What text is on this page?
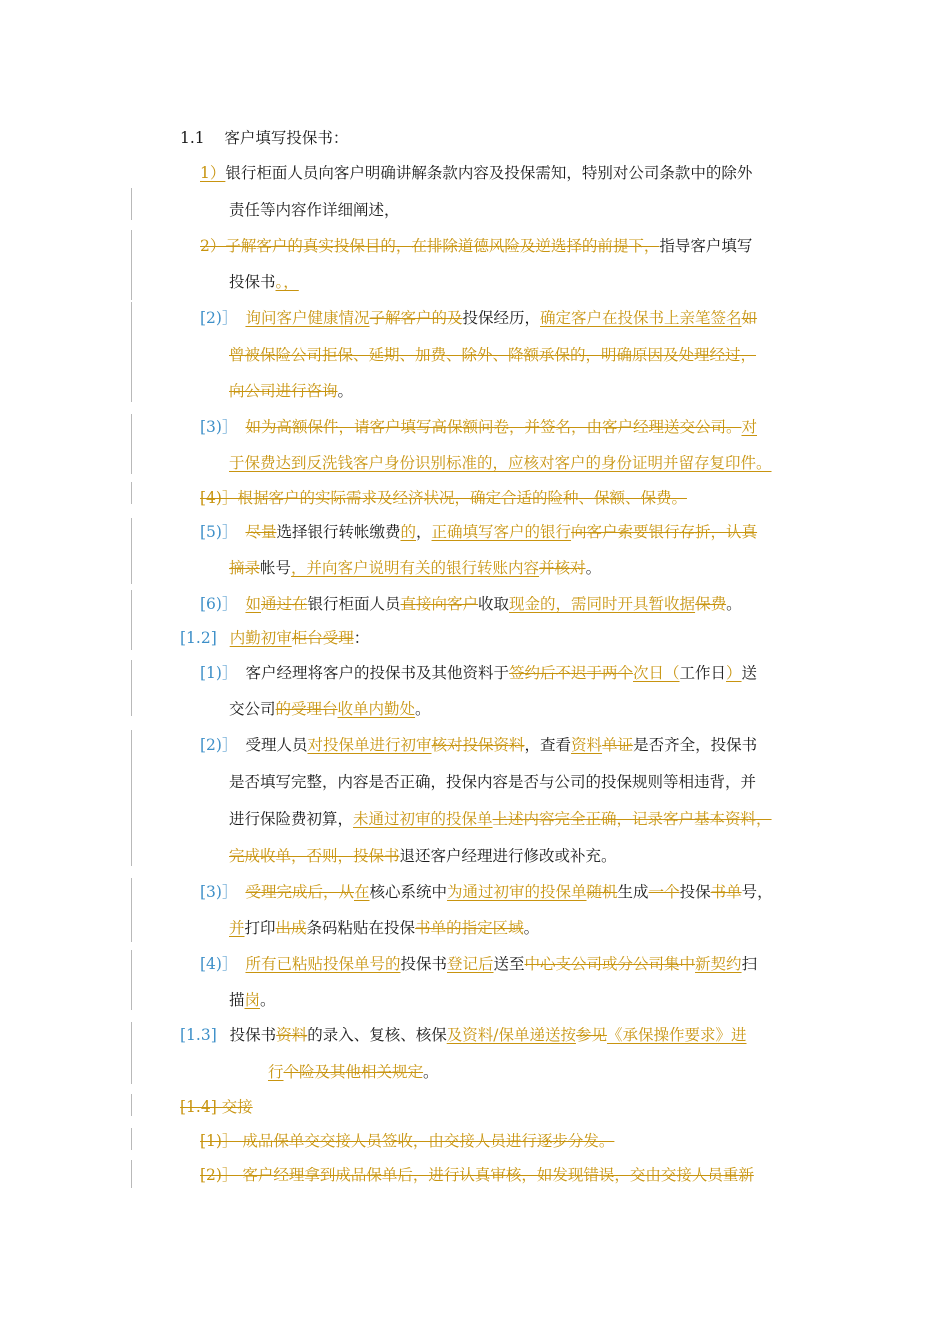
1.1 客户填写投保书：
1）银行柜面人员向客户明确讲解条款内容及投保需知，特别对公司条款中的除外
责任等内容作详细阐述，
2）子解客户的真实投保目的，在排除道德风险及逆选择的前提下，指导客户填写
投保书。，
[2)］ 询问客户健康情况子解客户的及投保经历，确定客户在投保书上亲笔签名如
曾被保险公司拒保、延期、加费、除外、降额承保的，明确原因及处理经过，
向公司进行咨询。
[3)］ 如为高额保件，请客户填写高保额问卷，并签名，由客户经理送交公司。对
于保费达到反洗钱客户身份识别标准的，应核对客户的身份证明并留存复印件。
[4)］根据客户的实际需求及经济状况，确定合适的险种、保额、保费。
[5)］ 尽量选择银行转帐缴费的，正确填写客户的银行向客户索要银行存折，认真
摘录帐号，并向客户说明有关的银行转账内容并核对。
[6)］ 如通过在银行柜面人员直接向客户收取现金的，需同时开具暂收据保费。
[1.2] 内勤初审柜台受理：
[1)］ 客户经理将客户的投保书及其他资料于签约后不迟于两个次日（工作日）送
交公司的受理台收单内勤处。
[2)］ 受理人员对投保单进行初审核对投保资料，查看资料单证是否齐全，投保书
是否填写完整，内容是否正确，投保内容是否与公司的投保规则等相违背，并
进行保险费初算，未通过初审的投保单上述内容完全正确，记录客户基本资料，
完成收单，否则，投保书退还客户经理进行修改或补充。
[3)］ 受理完成后，从在核心系统中为通过初审的投保单随机生成一个投保书单号，
并打印出成条码粘贴在投保书单的指定区域。
[4)］ 所有已粘贴投保单号的投保书登记后送至中心支公司或分公司集中新契约扫
描岗。
[1.3] 投保书资料的录入、复核、核保及资料/保单递送按参见《承保操作要求》进
行个险及其他相关规定。
[1.4] 交接
[1)］ 成品保单交交接人员签收，由交接人员进行逐步分发。
[2)］ 客户经理拿到成品保单后，进行认真审核，如发现错误，交由交接人员重新
